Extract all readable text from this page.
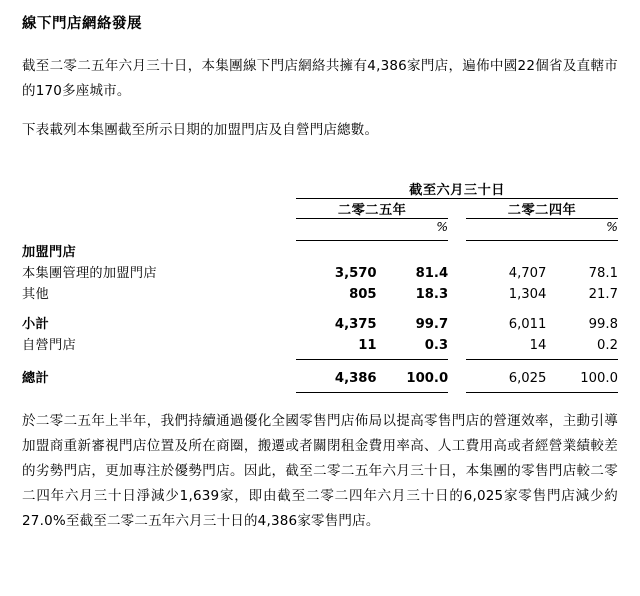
線下門店網絡發展

截至二零二五年六月三十日，本集團線下門店網絡共擁有4,386家門店，遍佈中國22個省及直轄市的170多座城市。

下表載列本集團截至所示日期的加盟門店及自營門店總數。

	截至六月三十日				
	二零二五年			二零二四年	
		%			%

加盟門店					
本集團管理的加盟門店	3,570	81.4		4,707	78.1
其他	805	18.3		1,304	21.7

小計	4,375	99.7		6,011	99.8
自營門店	11	0.3		14	0.2

總計	4,386	100.0		6,025	100.0

於二零二五年上半年，我們持續通過優化全國零售門店佈局以提高零售門店的營運效率，主動引導加盟商重新審視門店位置及所在商圈，搬遷或者關閉租金費用率高、人工費用高或者經營業績較差的劣勢門店，更加專注於優勢門店。因此，截至二零二五年六月三十日，本集團的零售門店較二零二四年六月三十日淨減少1,639家，即由截至二零二四年六月三十日的6,025家零售門店減少約27.0%至截至二零二五年六月三十日的4,386家零售門店。
